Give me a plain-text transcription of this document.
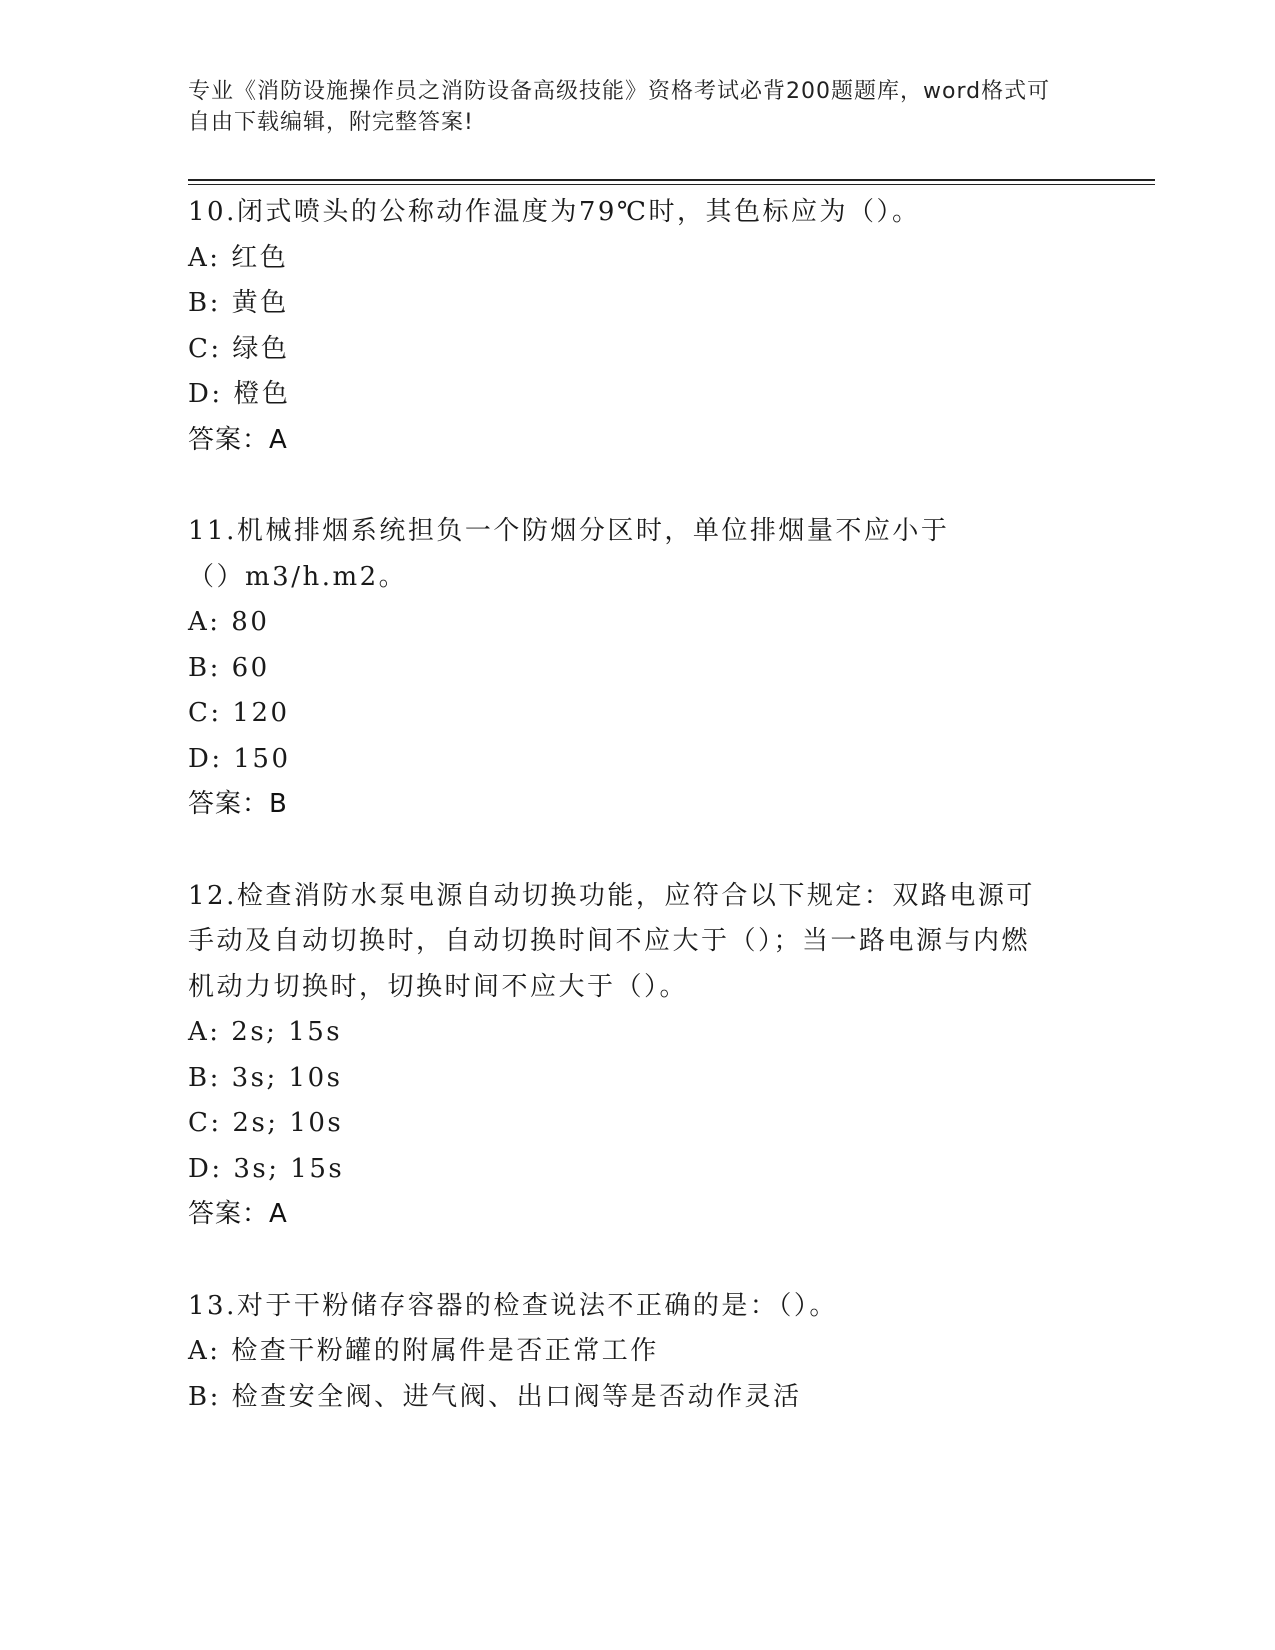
专业《消防设施操作员之消防设备高级技能》资格考试必背200题题库，word格式可自由下载编辑，附完整答案!
10.闭式喷头的公称动作温度为79℃时，其色标应为（）。
A: 红色
B: 黄色
C: 绿色
D: 橙色
答案：A
11.机械排烟系统担负一个防烟分区时，单位排烟量不应小于（）m3/h.m2。
A: 80
B: 60
C: 120
D: 150
答案：B
12.检查消防水泵电源自动切换功能，应符合以下规定：双路电源可手动及自动切换时，自动切换时间不应大于（）；当一路电源与内燃机动力切换时，切换时间不应大于（）。
A: 2s; 15s
B: 3s; 10s
C: 2s; 10s
D: 3s; 15s
答案：A
13.对于干粉储存容器的检查说法不正确的是：（）。
A: 检查干粉罐的附属件是否正常工作
B: 检查安全阀、进气阀、出口阀等是否动作灵活
